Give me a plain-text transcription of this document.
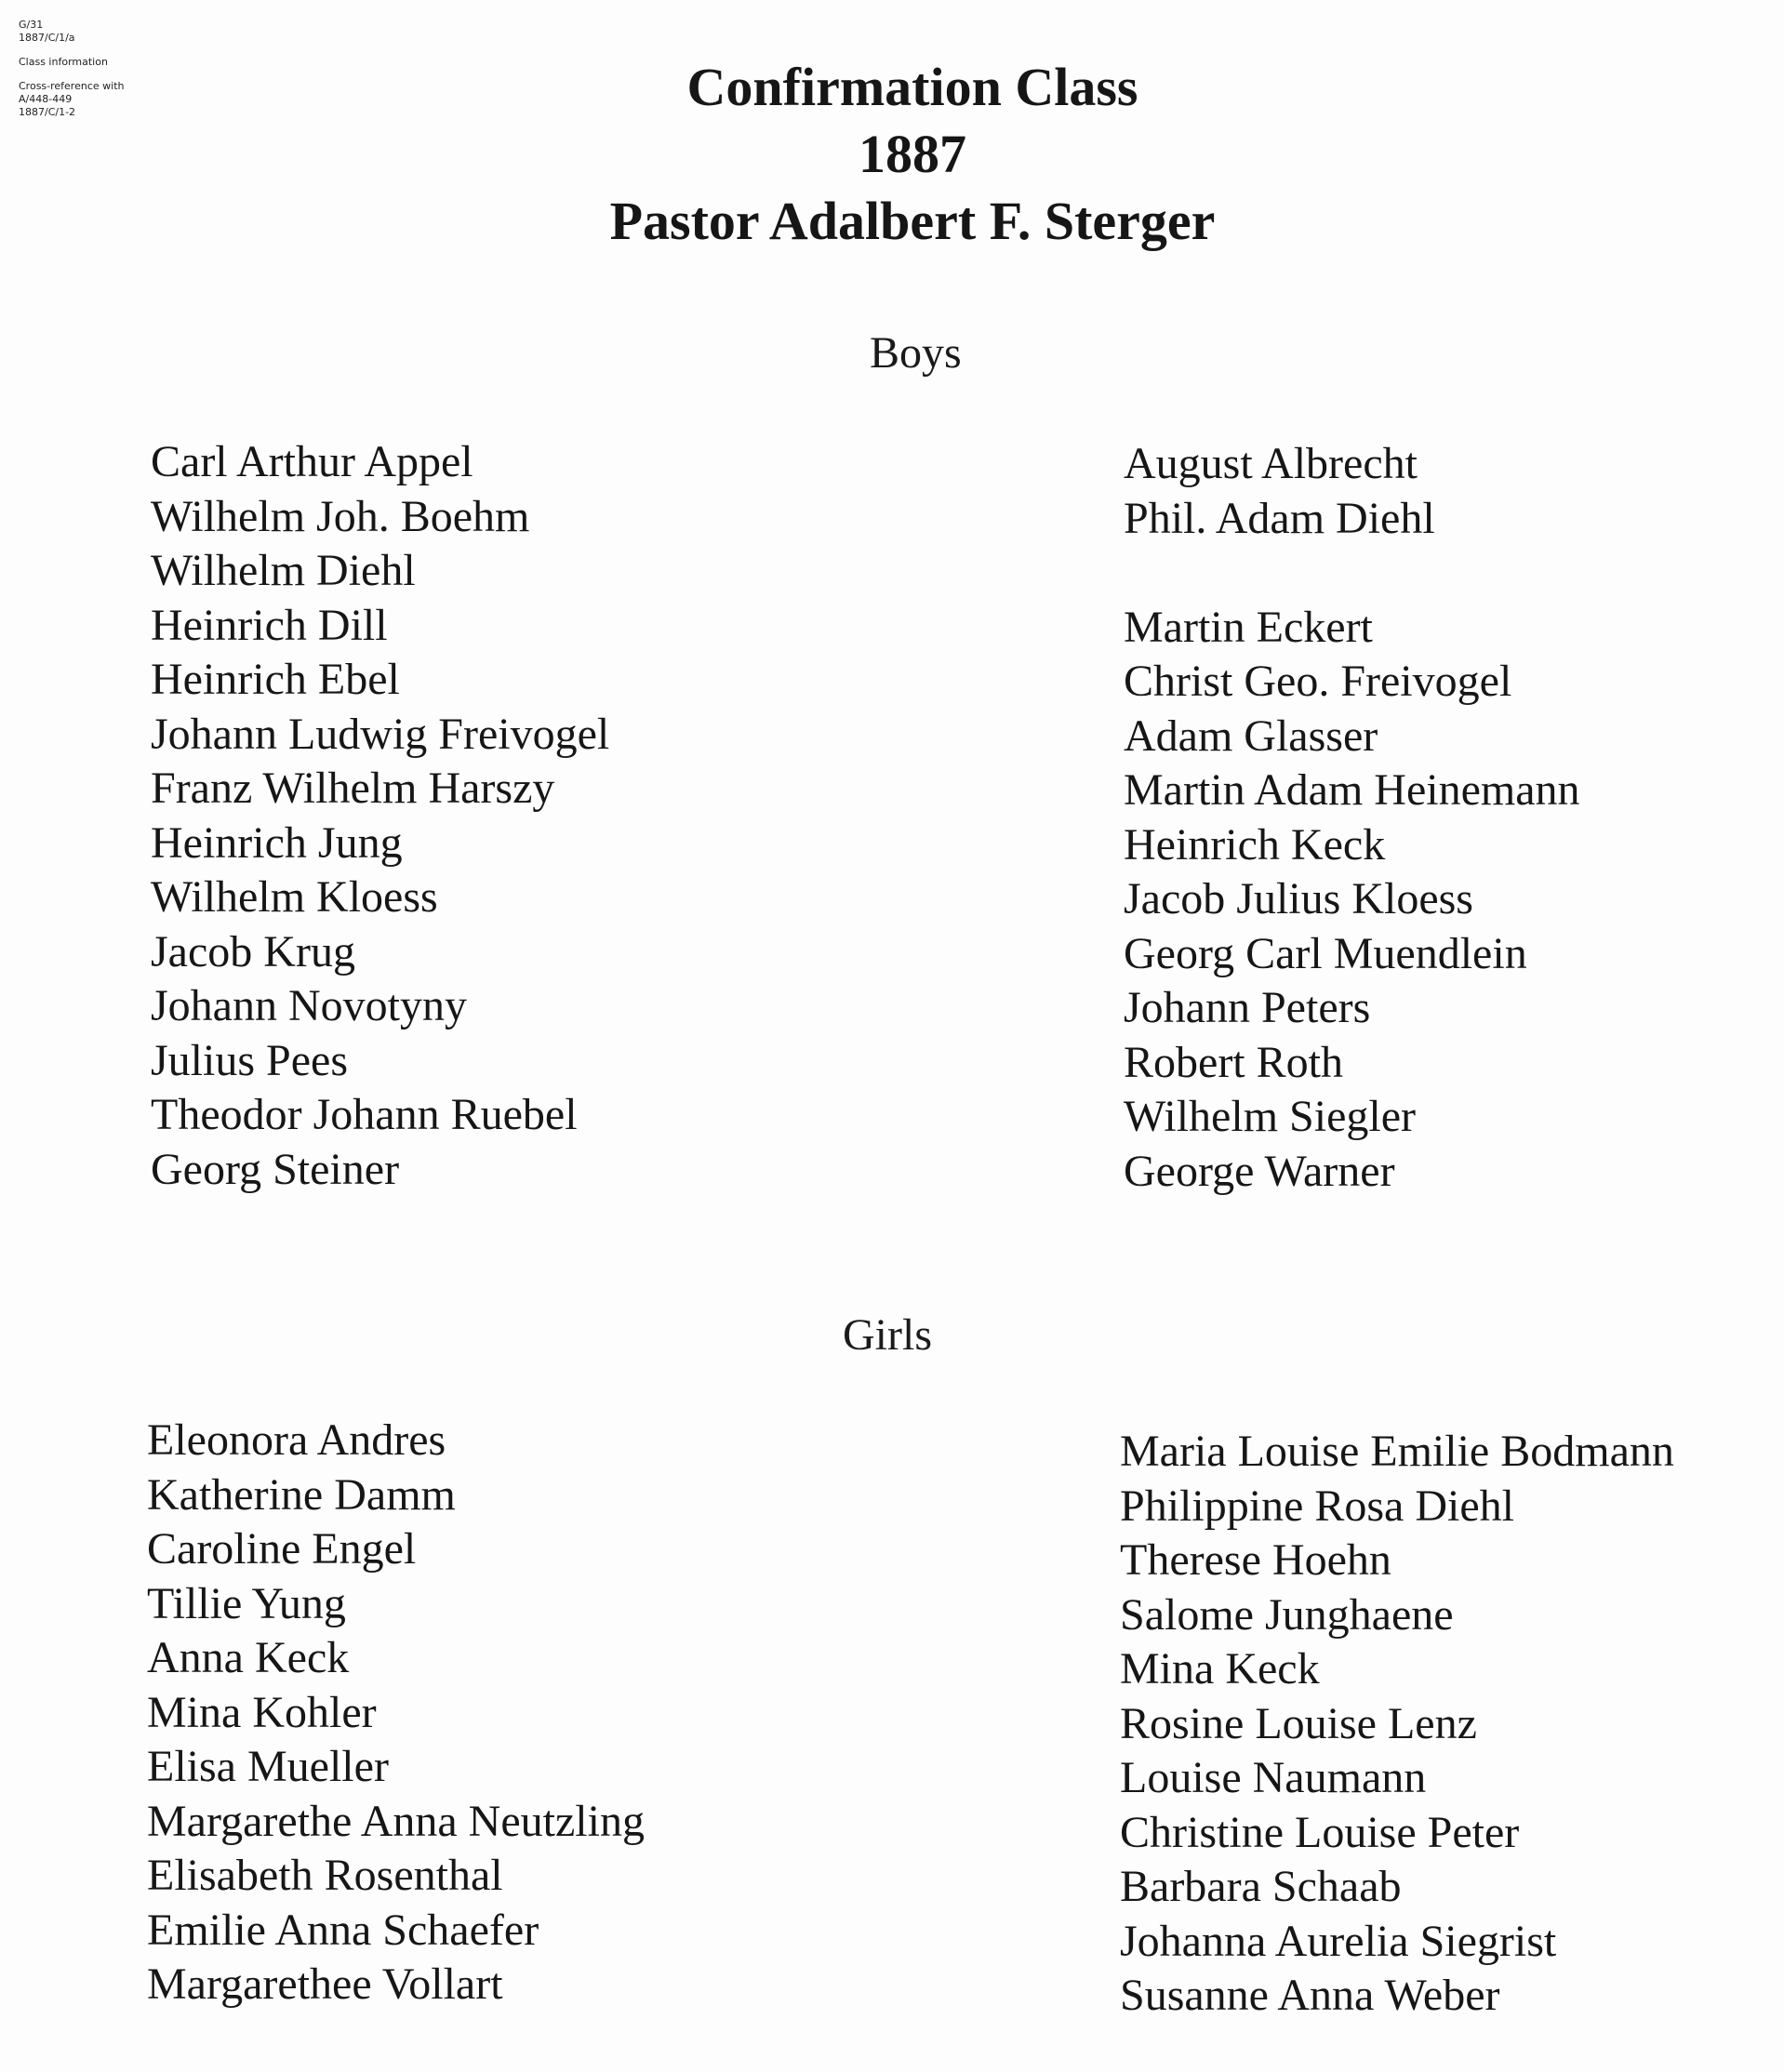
G/31
1887/C/1/a
Class information
Cross-reference with
A/448-449
1887/C/1-2	Confirmation Class
1887
Pastor Adalbert F. Sterger
Boys
Carl Arthur Appel
Wilhelm Joh. Boehm
Wilhelm Diehl
Heinrich Dill
Heinrich Ebel
Johann Ludwig Freivogel
Franz Wilhelm Harszy
Heinrich Jung
Wilhelm Kloess
Jacob Krug
Johann Novotyny
Julius Pees
Theodor Johann Ruebel
Georg Steiner
August Albrecht
Phil. Adam Diehl
Martin Eckert
Christ Geo. Freivogel
Adam Glasser
Martin Adam Heinemann
Heinrich Keck
Jacob Julius Kloess
Georg Carl Muendlein
Johann Peters
Robert Roth
Wilhelm Siegler
George Warner
Girls
Eleonora Andres
Katherine Damm
Caroline Engel
Tillie Yung
Anna Keck
Mina Kohler
Elisa Mueller
Margarethe Anna Neutzling
Elisabeth Rosenthal
Emilie Anna Schaefer
Margarethee Vollart
Maria Louise Emilie Bodmann
Philippine Rosa Diehl
Therese Hoehn
Salome Junghaene
Mina Keck
Rosine Louise Lenz
Louise Naumann
Christine Louise Peter
Barbara Schaab
Johanna Aurelia Siegrist
Susanne Anna Weber
